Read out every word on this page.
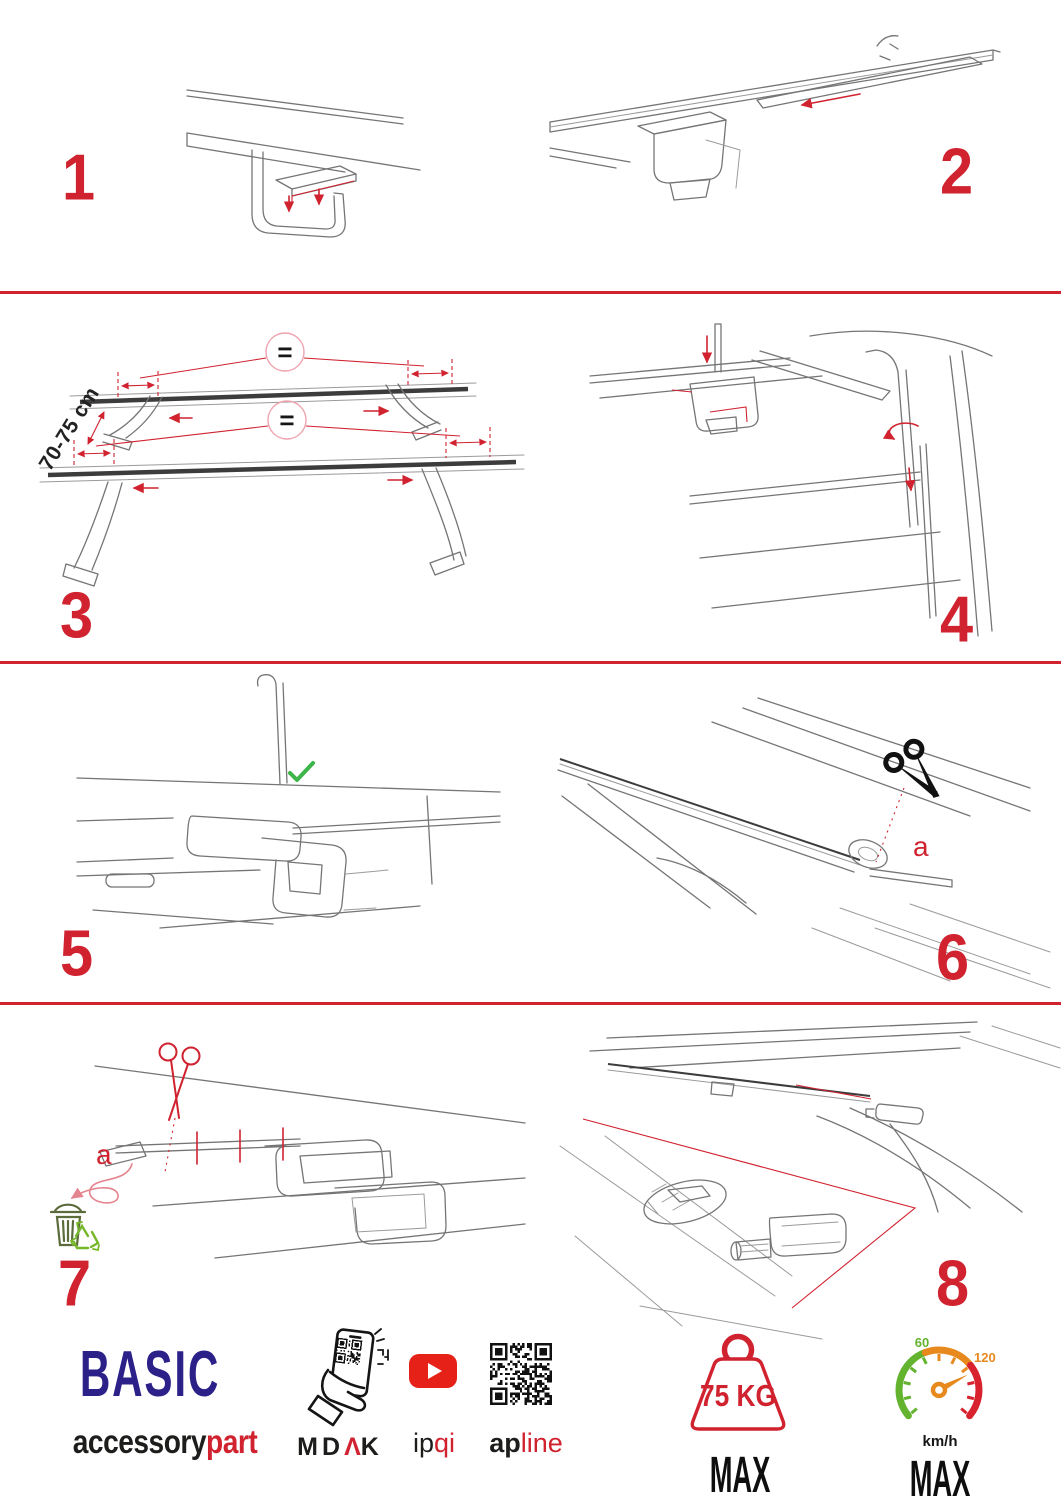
=
=
70-75 cm
a
a
1	2
3	4
5	6
7	8
BASIC
accessorypart	MDΛK ipqi apline
75 KG
MAX
60
120
km/h
MAX
